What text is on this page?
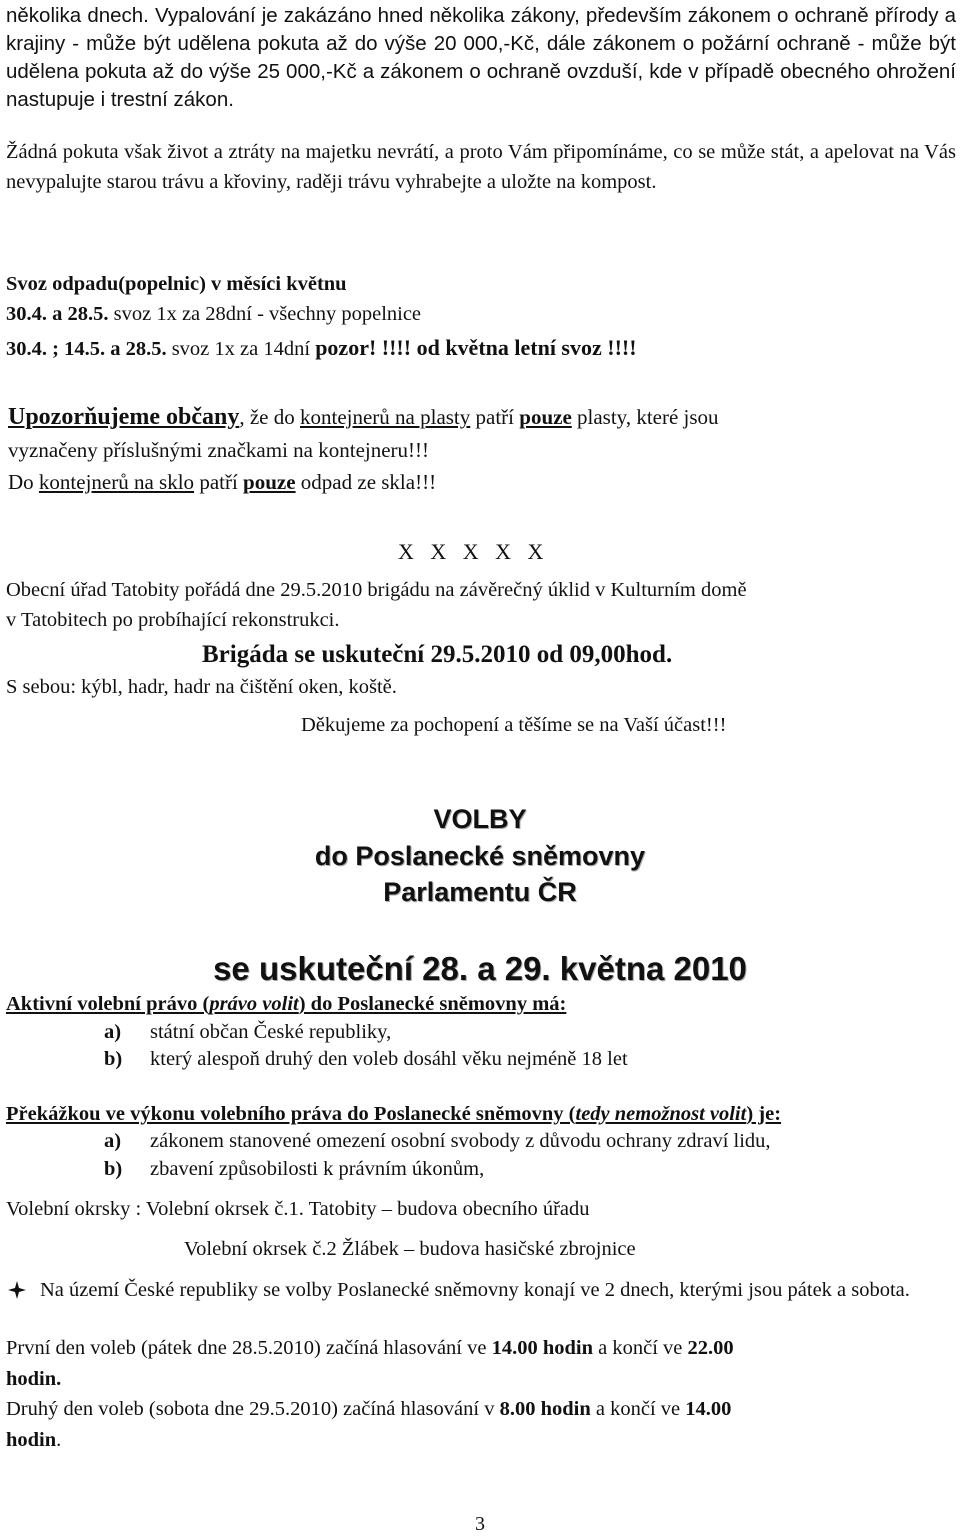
několika dnech. Vypalování je zakázáno hned několika zákony, především zákonem o ochraně přírody a krajiny - může být udělena pokuta až do výše 20 000,-Kč, dále zákonem o požární ochraně - může být udělena pokuta až do výše 25 000,-Kč a zákonem o ochraně ovzduší, kde v případě obecného ohrožení nastupuje i trestní zákon.
Žádná pokuta však život a ztráty na majetku nevrátí, a proto Vám připomínáme, co se může stát, a apelovat na Vás nevypalujte starou trávu a křoviny, raději trávu vyhrabejte a uložte na kompost.
Svoz odpadu(popelnic) v měsíci květnu
30.4. a 28.5. svoz 1x za 28dní - všechny popelnice
30.4. ; 14.5. a 28.5. svoz 1x za 14dní pozor! !!!! od května letní svoz !!!!
Upozorňujeme občany, že do kontejnerů na plasty patří pouze plasty, které jsou
vyznačeny příslušnými značkami na kontejneru!!!
Do kontejnerů na sklo patří pouze odpad ze skla!!!
X   X   X   X   X
Obecní úřad Tatobity pořádá dne 29.5.2010 brigádu na závěrečný úklid v Kulturním domě
v Tatobitech po probíhající rekonstrukci.
Brigáda se uskuteční 29.5.2010 od 09,00hod.
S sebou: kýbl, hadr, hadr na čištění oken, koště.
Děkujeme za pochopení a těšíme se na Vaší účast!!!
VOLBY
do Poslanecké sněmovny
Parlamentu ČR
se uskuteční 28. a 29. května 2010
Aktivní volební právo (právo volit) do Poslanecké sněmovny má:
a) státní občan České republiky,
b) který alespoň druhý den voleb dosáhl věku nejméně 18 let
Překážkou ve výkonu volebního práva do Poslanecké sněmovny (tedy nemožnost volit) je:
a) zákonem stanovené omezení osobní svobody z důvodu ochrany zdraví lidu,
b) zbavení způsobilosti k právním úkonům,
Volební okrsky : Volební okrsek č.1. Tatobity – budova obecního úřadu
Volební okrsek č.2 Žlábek – budova hasičské zbrojnice
Na území České republiky se volby Poslanecké sněmovny konají ve 2 dnech, kterými jsou pátek a sobota.
První den voleb (pátek dne 28.5.2010) začíná hlasování ve 14.00 hodin a končí ve 22.00
hodin.
Druhý den voleb (sobota dne 29.5.2010) začíná hlasování v 8.00 hodin a končí ve 14.00
hodin.
3
